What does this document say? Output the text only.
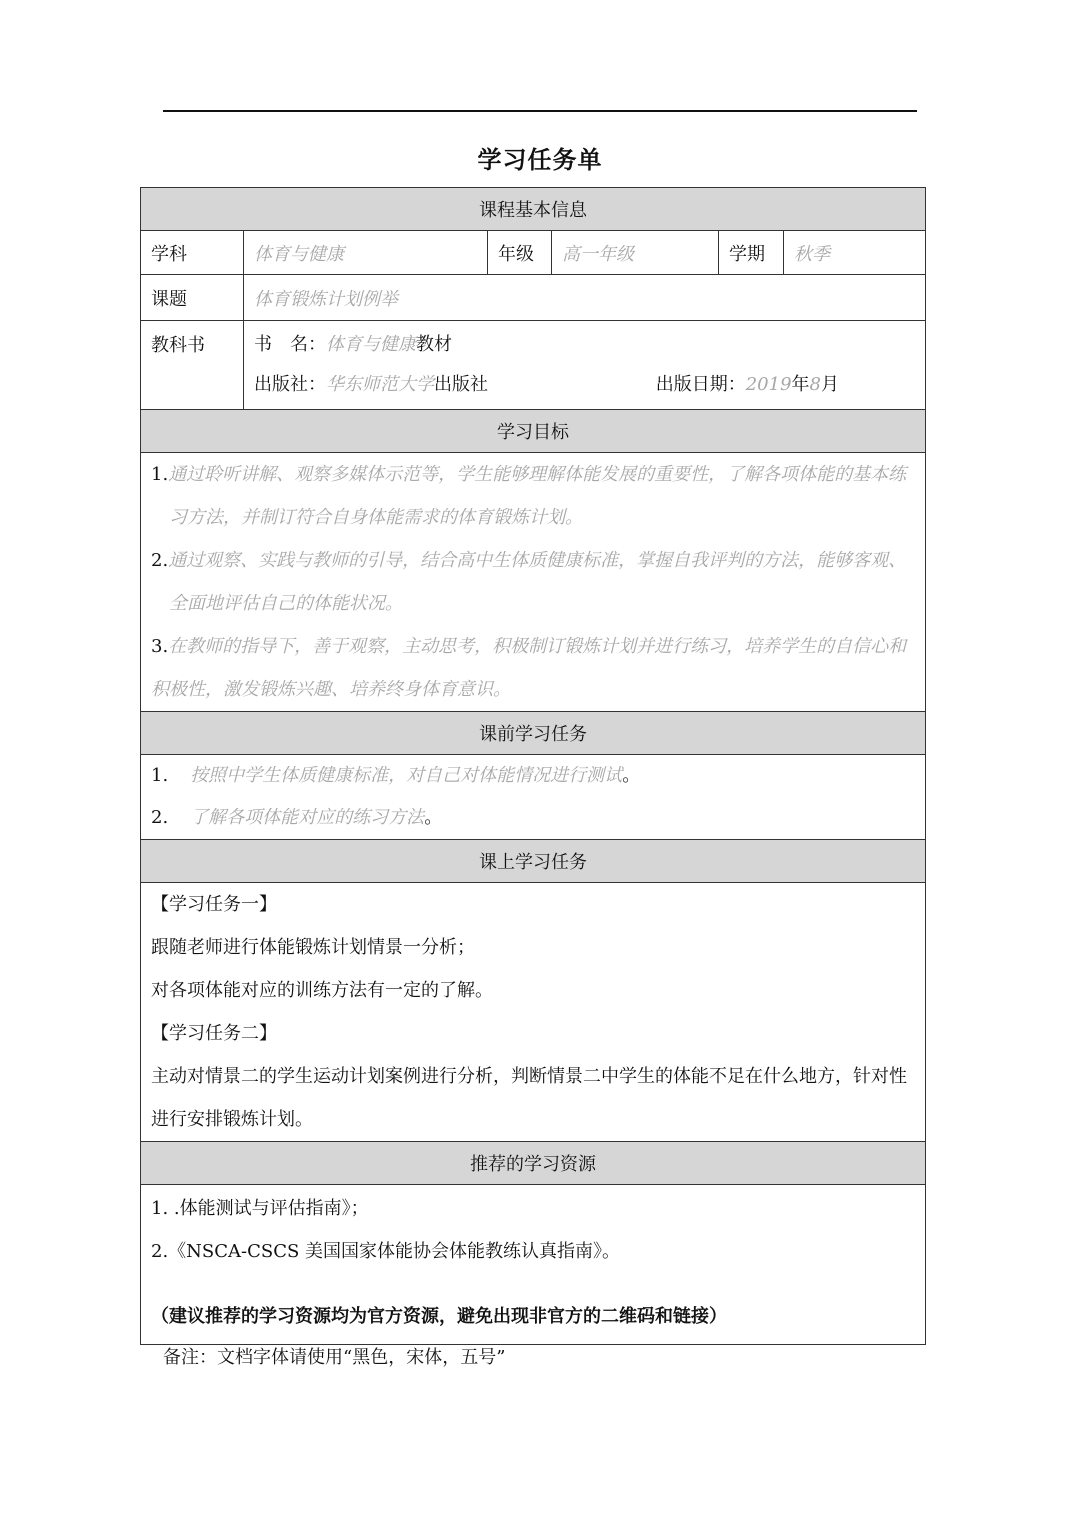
学习任务单
课程基本信息					
学科	体育与健康	年级	高一年级	学期	秋季
课题	体育锻炼计划例举				
教科书	书　名：体育与健康教材
出版社：华东师范大学出版社 出版日期：2019年8月				

学习目标					

1.通过聆听讲解、观察多媒体示范等，学生能够理解体能发展的重要性，了解各项体能的基本练习方法，并制订符合自身体能需求的体育锻炼计划。
2.通过观察、实践与教师的引导，结合高中生体质健康标准，掌握自我评判的方法，能够客观、全面地评估自己的体能状况。
3.在教师的指导下，善于观察，主动思考，积极制订锻炼计划并进行练习，培养学生的自信心和积极性，激发锻炼兴趣、培养终身体育意识。					

课前学习任务					

1. 按照中学生体质健康标准，对自己对体能情况进行测试。
2. 了解各项体能对应的练习方法。					

课上学习任务					

【学习任务一】
跟随老师进行体能锻炼计划情景一分析；
对各项体能对应的训练方法有一定的了解。
【学习任务二】
主动对情景二的学生运动计划案例进行分析，判断情景二中学生的体能不足在什么地方，针对性进行安排锻炼计划。					

推荐的学习资源					

1. .体能测试与评估指南》；
2.《NSCA-CSCS 美国国家体能协会体能教练认真指南》。
（建议推荐的学习资源均为官方资源，避免出现非官方的二维码和链接）					
备注：文档字体请使用“黑色，宋体，五号”
